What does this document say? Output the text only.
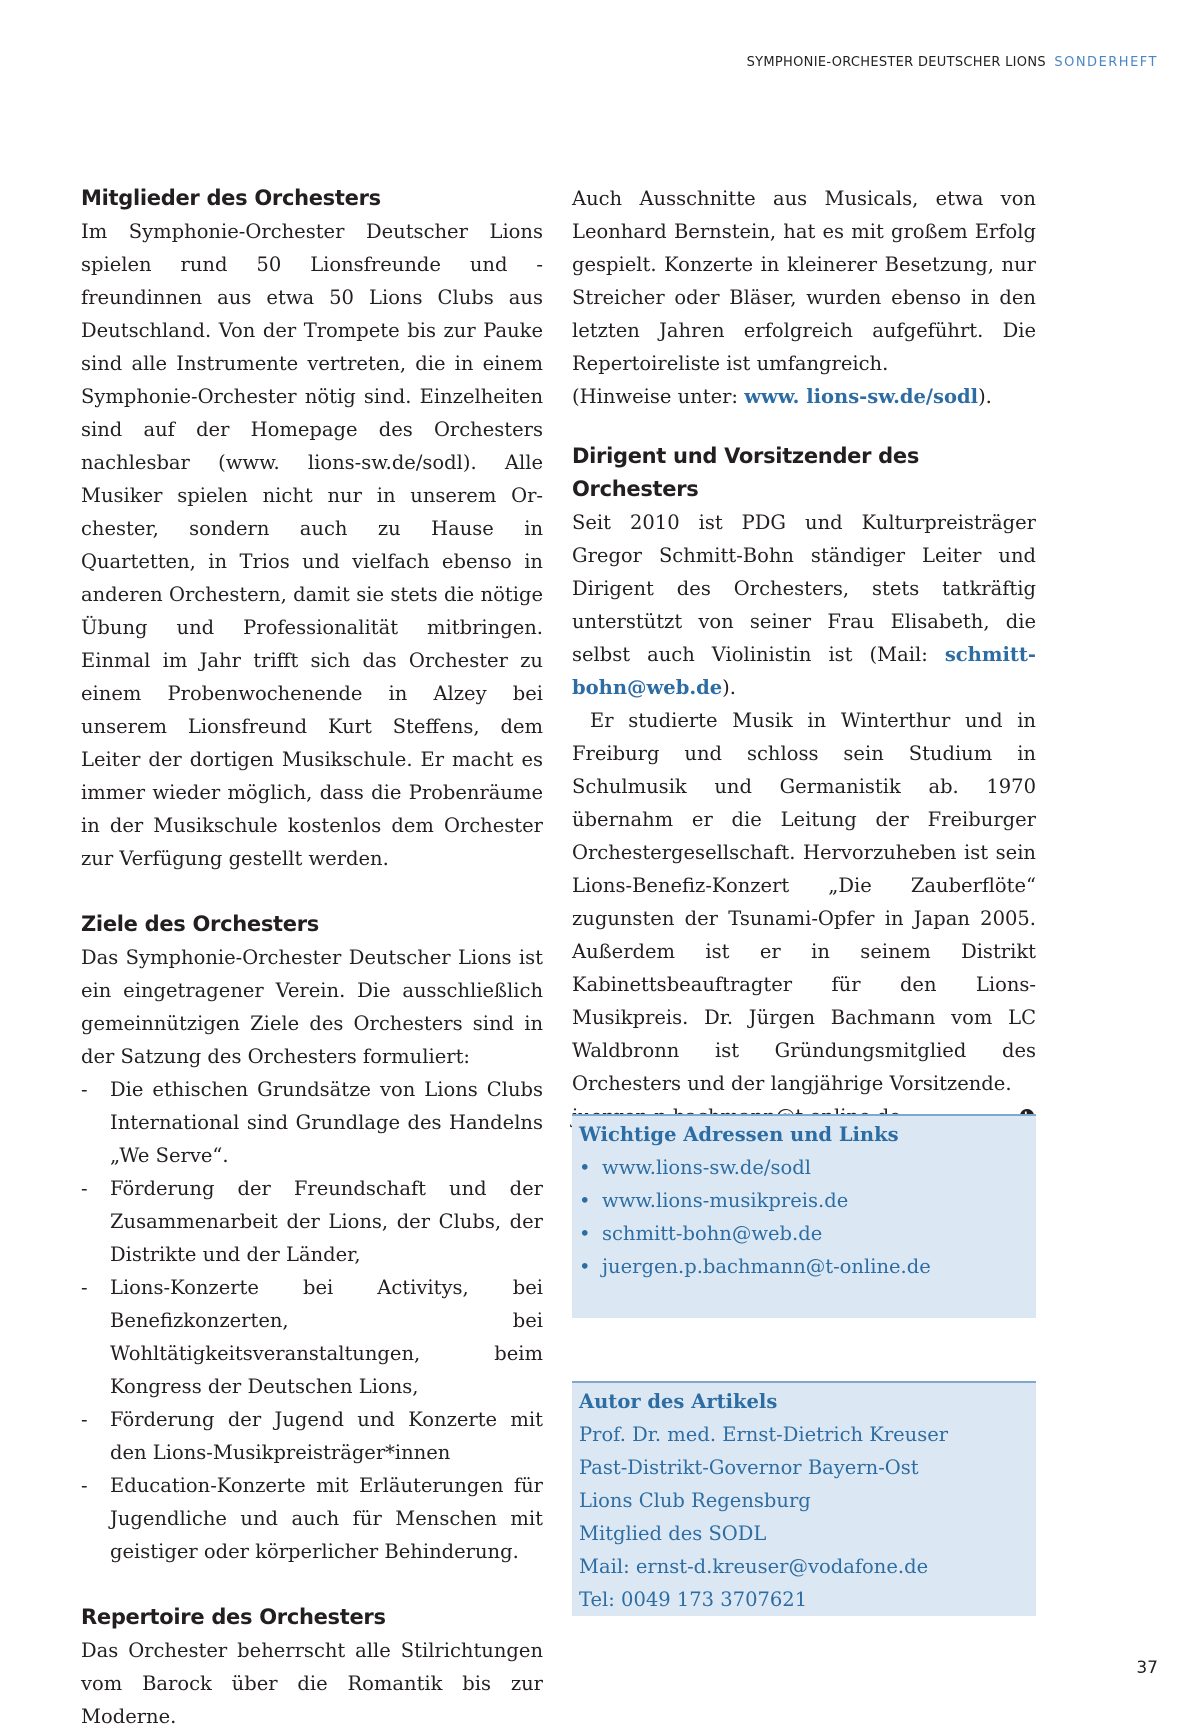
SYMPHONIE-ORCHESTER DEUTSCHER LIONS SONDERHEFT
Mitglieder des Orchesters

Im Symphonie-Orchester Deutscher Lions spielen rund 50 Lionsfreunde und -freundinnen aus etwa 50 Lions Clubs aus Deutschland. Von der Trompete bis zur Pauke sind alle Instrumente vertreten, die in einem Symphonie-Orchester nötig sind. Einzelheiten sind auf der Homepage des Orchesters nachlesbar (www. lions-sw.de/sodl). Alle Musiker spielen nicht nur in unserem Orchester, sondern auch zu Hause in Quartetten, in Trios und vielfach ebenso in anderen Orchestern, damit sie stets die nötige Übung und Professionalität mitbringen. Einmal im Jahr trifft sich das Orchester zu einem Probenwochenende in Alzey bei unserem Lionsfreund Kurt Steffens, dem Leiter der dortigen Musikschule. Er macht es immer wieder möglich, dass die Probenräume in der Musikschule kostenlos dem Orchester zur Verfügung gestellt werden.

Ziele des Orchesters

Das Symphonie-Orchester Deutscher Lions ist ein eingetragener Verein. Die ausschließlich gemeinnützigen Ziele des Orchesters sind in der Satzung des Orchesters formuliert:

- Die ethischen Grundsätze von Lions Clubs International sind Grundlage des Handelns „We Serve“.
- Förderung der Freundschaft und der Zusammenarbeit der Lions, der Clubs, der Distrikte und der Länder,
- Lions-Konzerte bei Activitys, bei Benefizkonzerten, bei Wohltätigkeitsveranstaltungen, beim Kongress der Deutschen Lions,
- Förderung der Jugend und Konzerte mit den Lions-Musikpreisträger*innen
- Education-Konzerte mit Erläuterungen für Jugendliche und auch für Menschen mit geistiger oder körperlicher Behinderung.
Repertoire des Orchesters

Das Orchester beherrscht alle Stilrichtungen vom Barock über die Romantik bis zur Moderne.

Auch Ausschnitte aus Musicals, etwa von Leonhard Bernstein, hat es mit großem Erfolg gespielt. Konzerte in kleinerer Besetzung, nur Streicher oder Bläser, wurden ebenso in den letzten Jahren erfolgreich aufgeführt. Die Repertoireliste ist umfangreich.

(Hinweise unter: www. lions-sw.de/sodl).

Dirigent und Vorsitzender des Orchesters

Seit 2010 ist PDG und Kulturpreisträger Gregor Schmitt-Bohn ständiger Leiter und Dirigent des Orchesters, stets tatkräftig unterstützt von seiner Frau Elisabeth, die selbst auch Violinistin ist (Mail: schmitt-bohn@web.de).

Er studierte Musik in Winterthur und in Freiburg und schloss sein Studium in Schulmusik und Germanistik ab. 1970 übernahm er die Leitung der Freiburger Orchestergesellschaft. Hervorzuheben ist sein Lions-Benefiz-Konzert „Die Zauberflöte“ zugunsten der Tsunami-Opfer in Japan 2005. Außerdem ist er in seinem Distrikt Kabinettsbeauftragter für den Lions-Musikpreis. Dr. Jürgen Bachmann vom LC Waldbronn ist Gründungsmitglied des Orchesters und der langjährige Vorsitzende.

Wichtige Adressen und Links
• www.lions-sw.de/sodl
• www.lions-musikpreis.de
• schmitt-bohn@web.de
• juergen.p.bachmann@t-online.de
Autor des Artikels
Prof. Dr. med. Ernst-Dietrich Kreuser
Past-Distrikt-Governor Bayern-Ost
Lions Club Regensburg
Mitglied des SODL
Mail: ernst-d.kreuser@vodafone.de
Tel: 0049 173 3707621
37
